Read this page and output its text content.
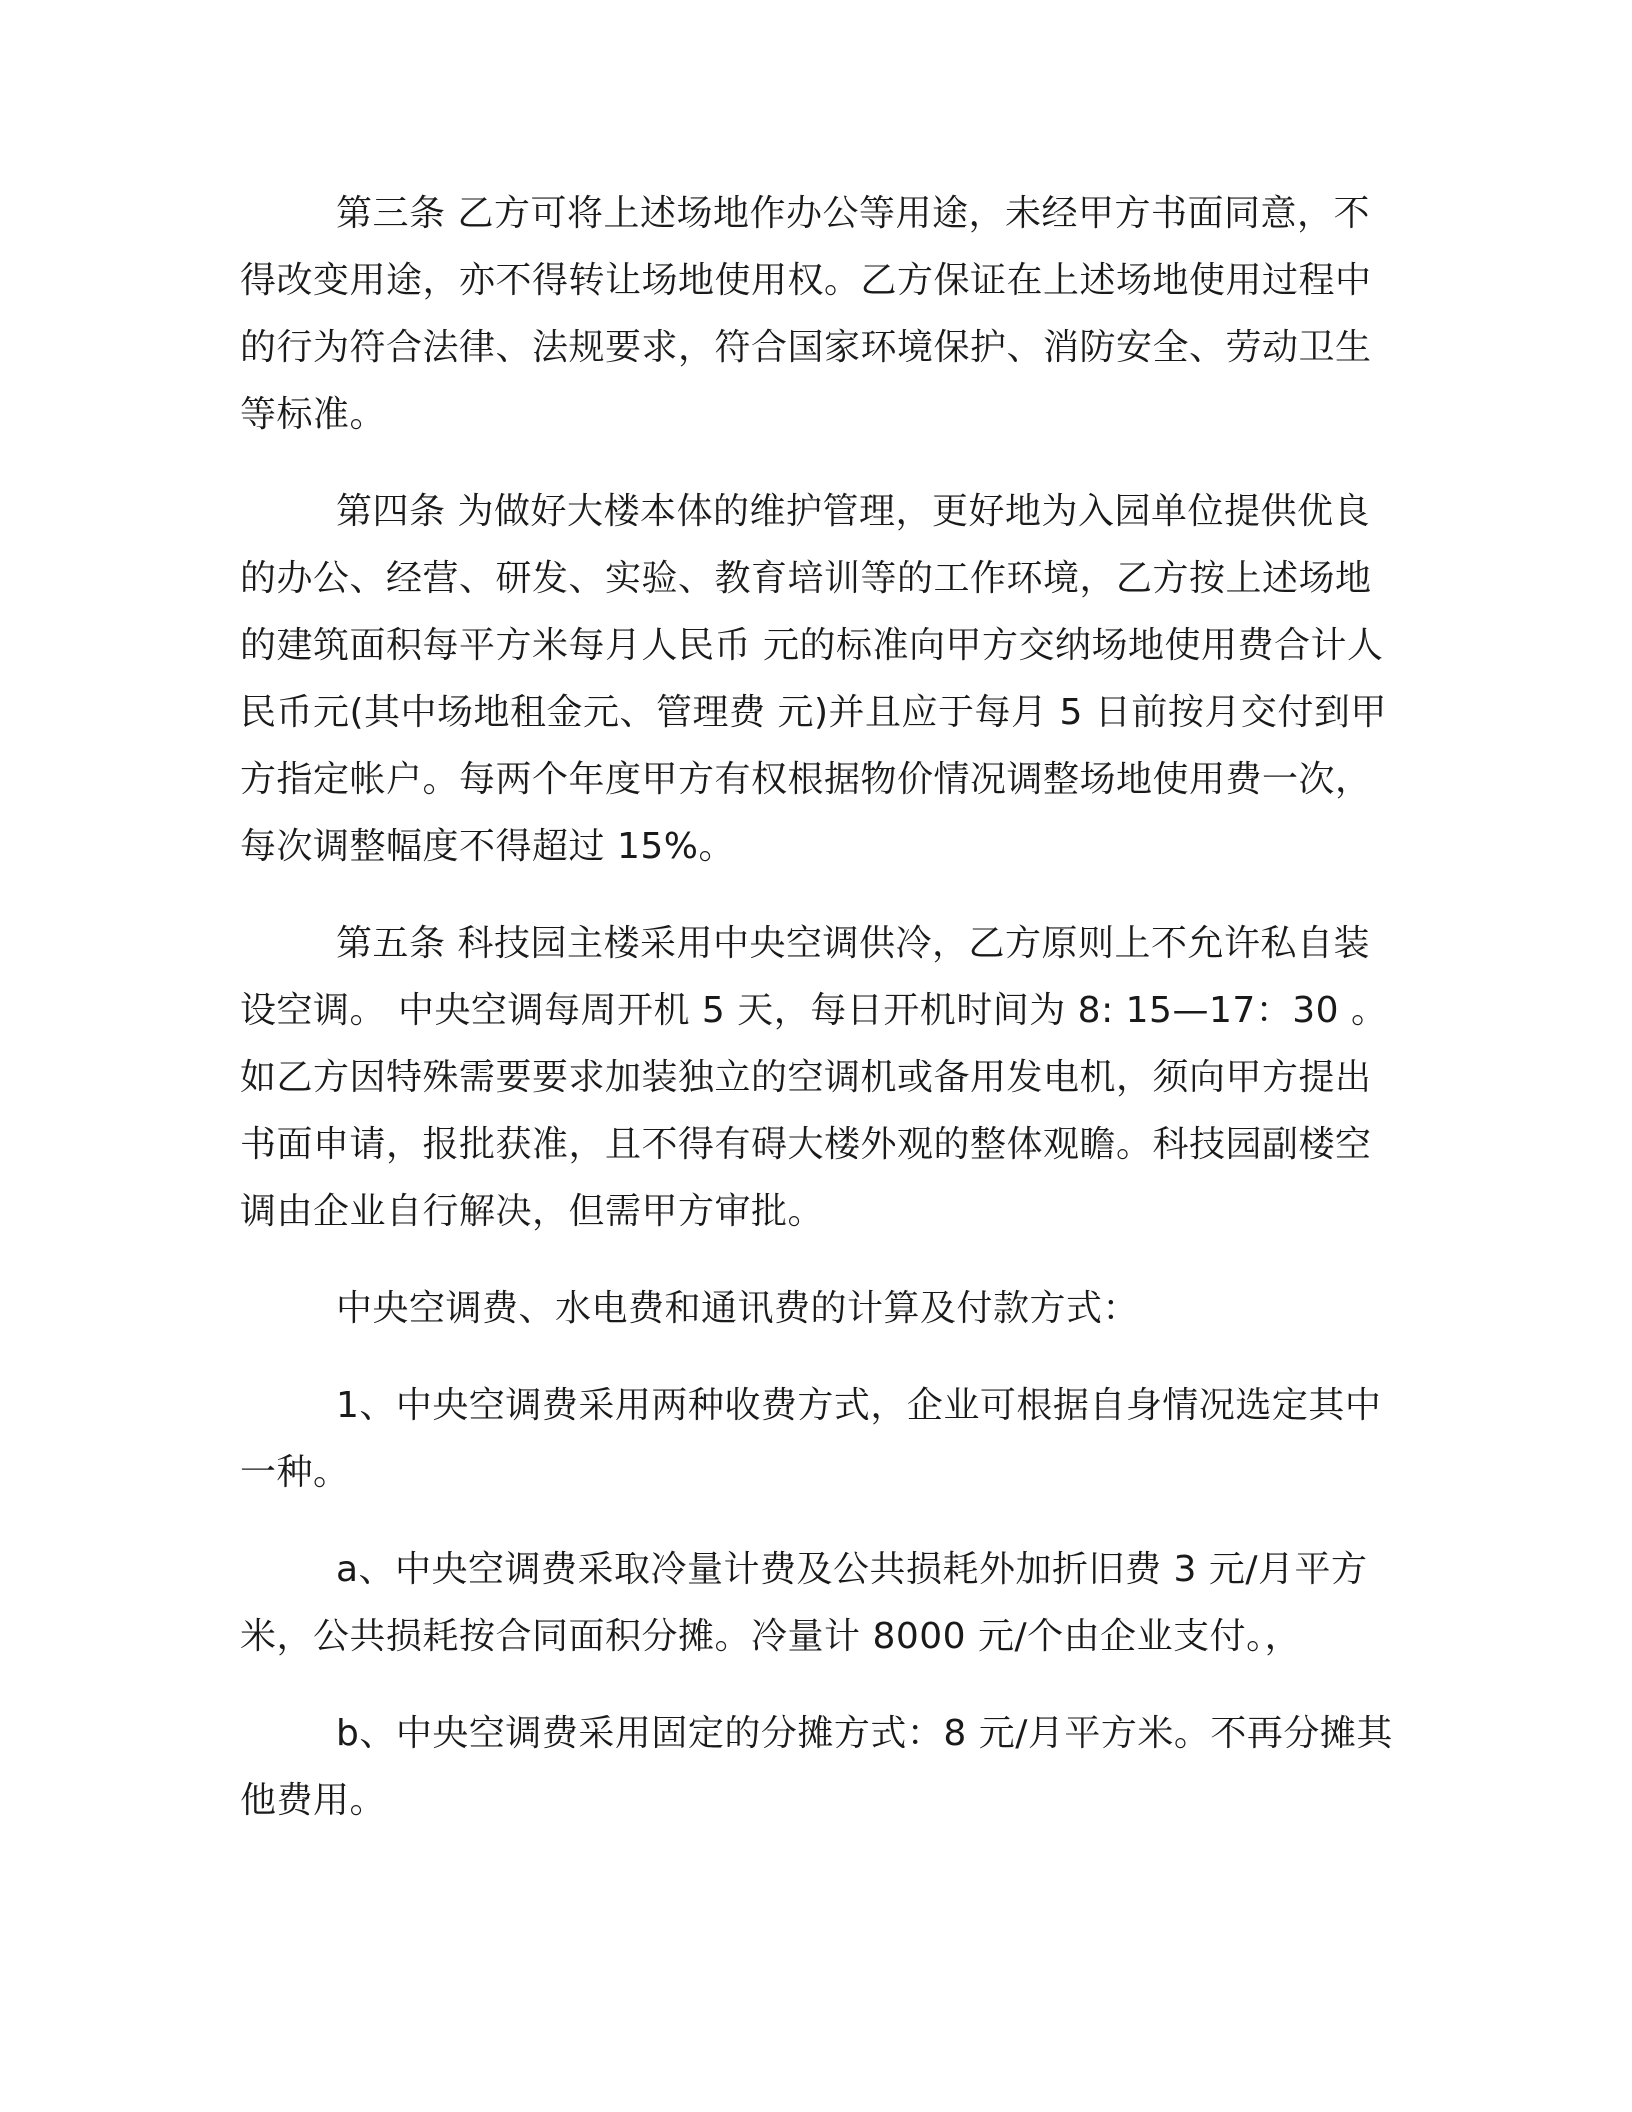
第三条 乙方可将上述场地作办公等用途，未经甲方书面同意，不得改变用途，亦不得转让场地使用权。乙方保证在上述场地使用过程中的行为符合法律、法规要求，符合国家环境保护、消防安全、劳动卫生等标准。

第四条 为做好大楼本体的维护管理，更好地为入园单位提供优良的办公、经营、研发、实验、教育培训等的工作环境，乙方按上述场地的建筑面积每平方米每月人民币 元的标准向甲方交纳场地使用费合计人民币元(其中场地租金元、管理费 元)并且应于每月 5 日前按月交付到甲方指定帐户。每两个年度甲方有权根据物价情况调整场地使用费一次，每次调整幅度不得超过 15%。

第五条 科技园主楼采用中央空调供冷，乙方原则上不允许私自装设空调。 中央空调每周开机 5 天，每日开机时间为 8: 15—17：30 。如乙方因特殊需要要求加装独立的空调机或备用发电机，须向甲方提出书面申请，报批获准，且不得有碍大楼外观的整体观瞻。科技园副楼空调由企业自行解决，但需甲方审批。

中央空调费、水电费和通讯费的计算及付款方式：

1、中央空调费采用两种收费方式，企业可根据自身情况选定其中一种。

a、中央空调费采取冷量计费及公共损耗外加折旧费 3 元/月平方米，公共损耗按合同面积分摊。冷量计 8000 元/个由企业支付。，

b、中央空调费采用固定的分摊方式：8 元/月平方米。不再分摊其他费用。
